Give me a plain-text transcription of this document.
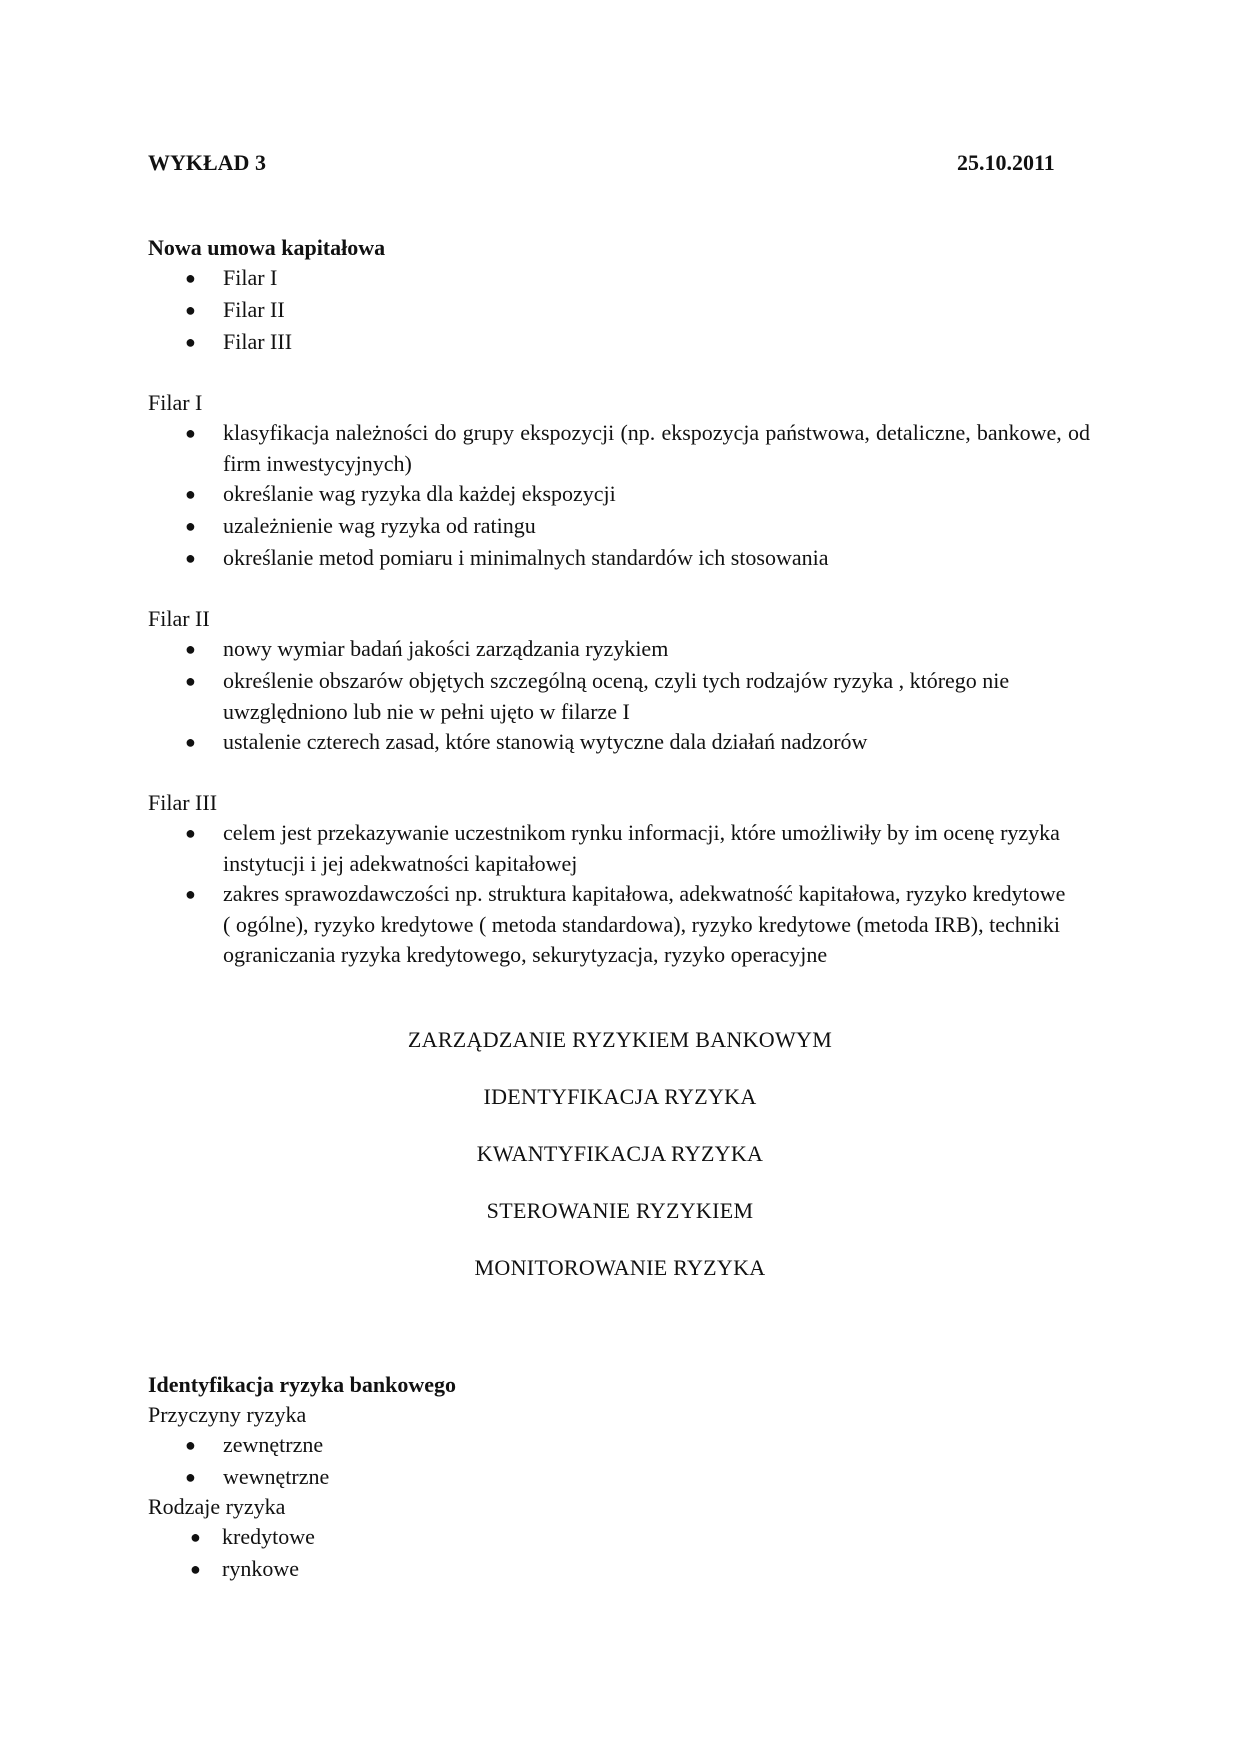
WYKŁAD 3	25.10.2011
Nowa umowa kapitałowa
●
Filar I
●
Filar II
●
Filar III
Filar I
●
klasyfikacja należności do grupy ekspozycji (np. ekspozycja państwowa, detaliczne, bankowe, od firm inwestycyjnych)
●
określanie wag ryzyka dla każdej ekspozycji
●
uzależnienie wag ryzyka od ratingu
●
określanie metod pomiaru i minimalnych standardów ich stosowania
Filar II
●
nowy wymiar badań jakości zarządzania ryzykiem
●
określenie obszarów objętych szczególną oceną, czyli tych rodzajów ryzyka , którego nie uwzględniono lub nie w pełni ujęto w filarze I
●
ustalenie czterech zasad, które stanowią wytyczne dala działań nadzorów
Filar III
●
celem jest przekazywanie uczestnikom rynku informacji, które umożliwiły by im ocenę ryzyka instytucji i jej adekwatności kapitałowej
●
zakres sprawozdawczości np. struktura kapitałowa, adekwatność kapitałowa, ryzyko kredytowe ( ogólne), ryzyko kredytowe ( metoda standardowa), ryzyko kredytowe (metoda IRB), techniki ograniczania ryzyka kredytowego, sekurytyzacja, ryzyko operacyjne
ZARZĄDZANIE RYZYKIEM BANKOWYM
IDENTYFIKACJA RYZYKA
KWANTYFIKACJA RYZYKA
STEROWANIE RYZYKIEM
MONITOROWANIE RYZYKA
Identyfikacja ryzyka bankowego
Przyczyny ryzyka
●
zewnętrzne
●
wewnętrzne
Rodzaje ryzyka
●
kredytowe
●
rynkowe
